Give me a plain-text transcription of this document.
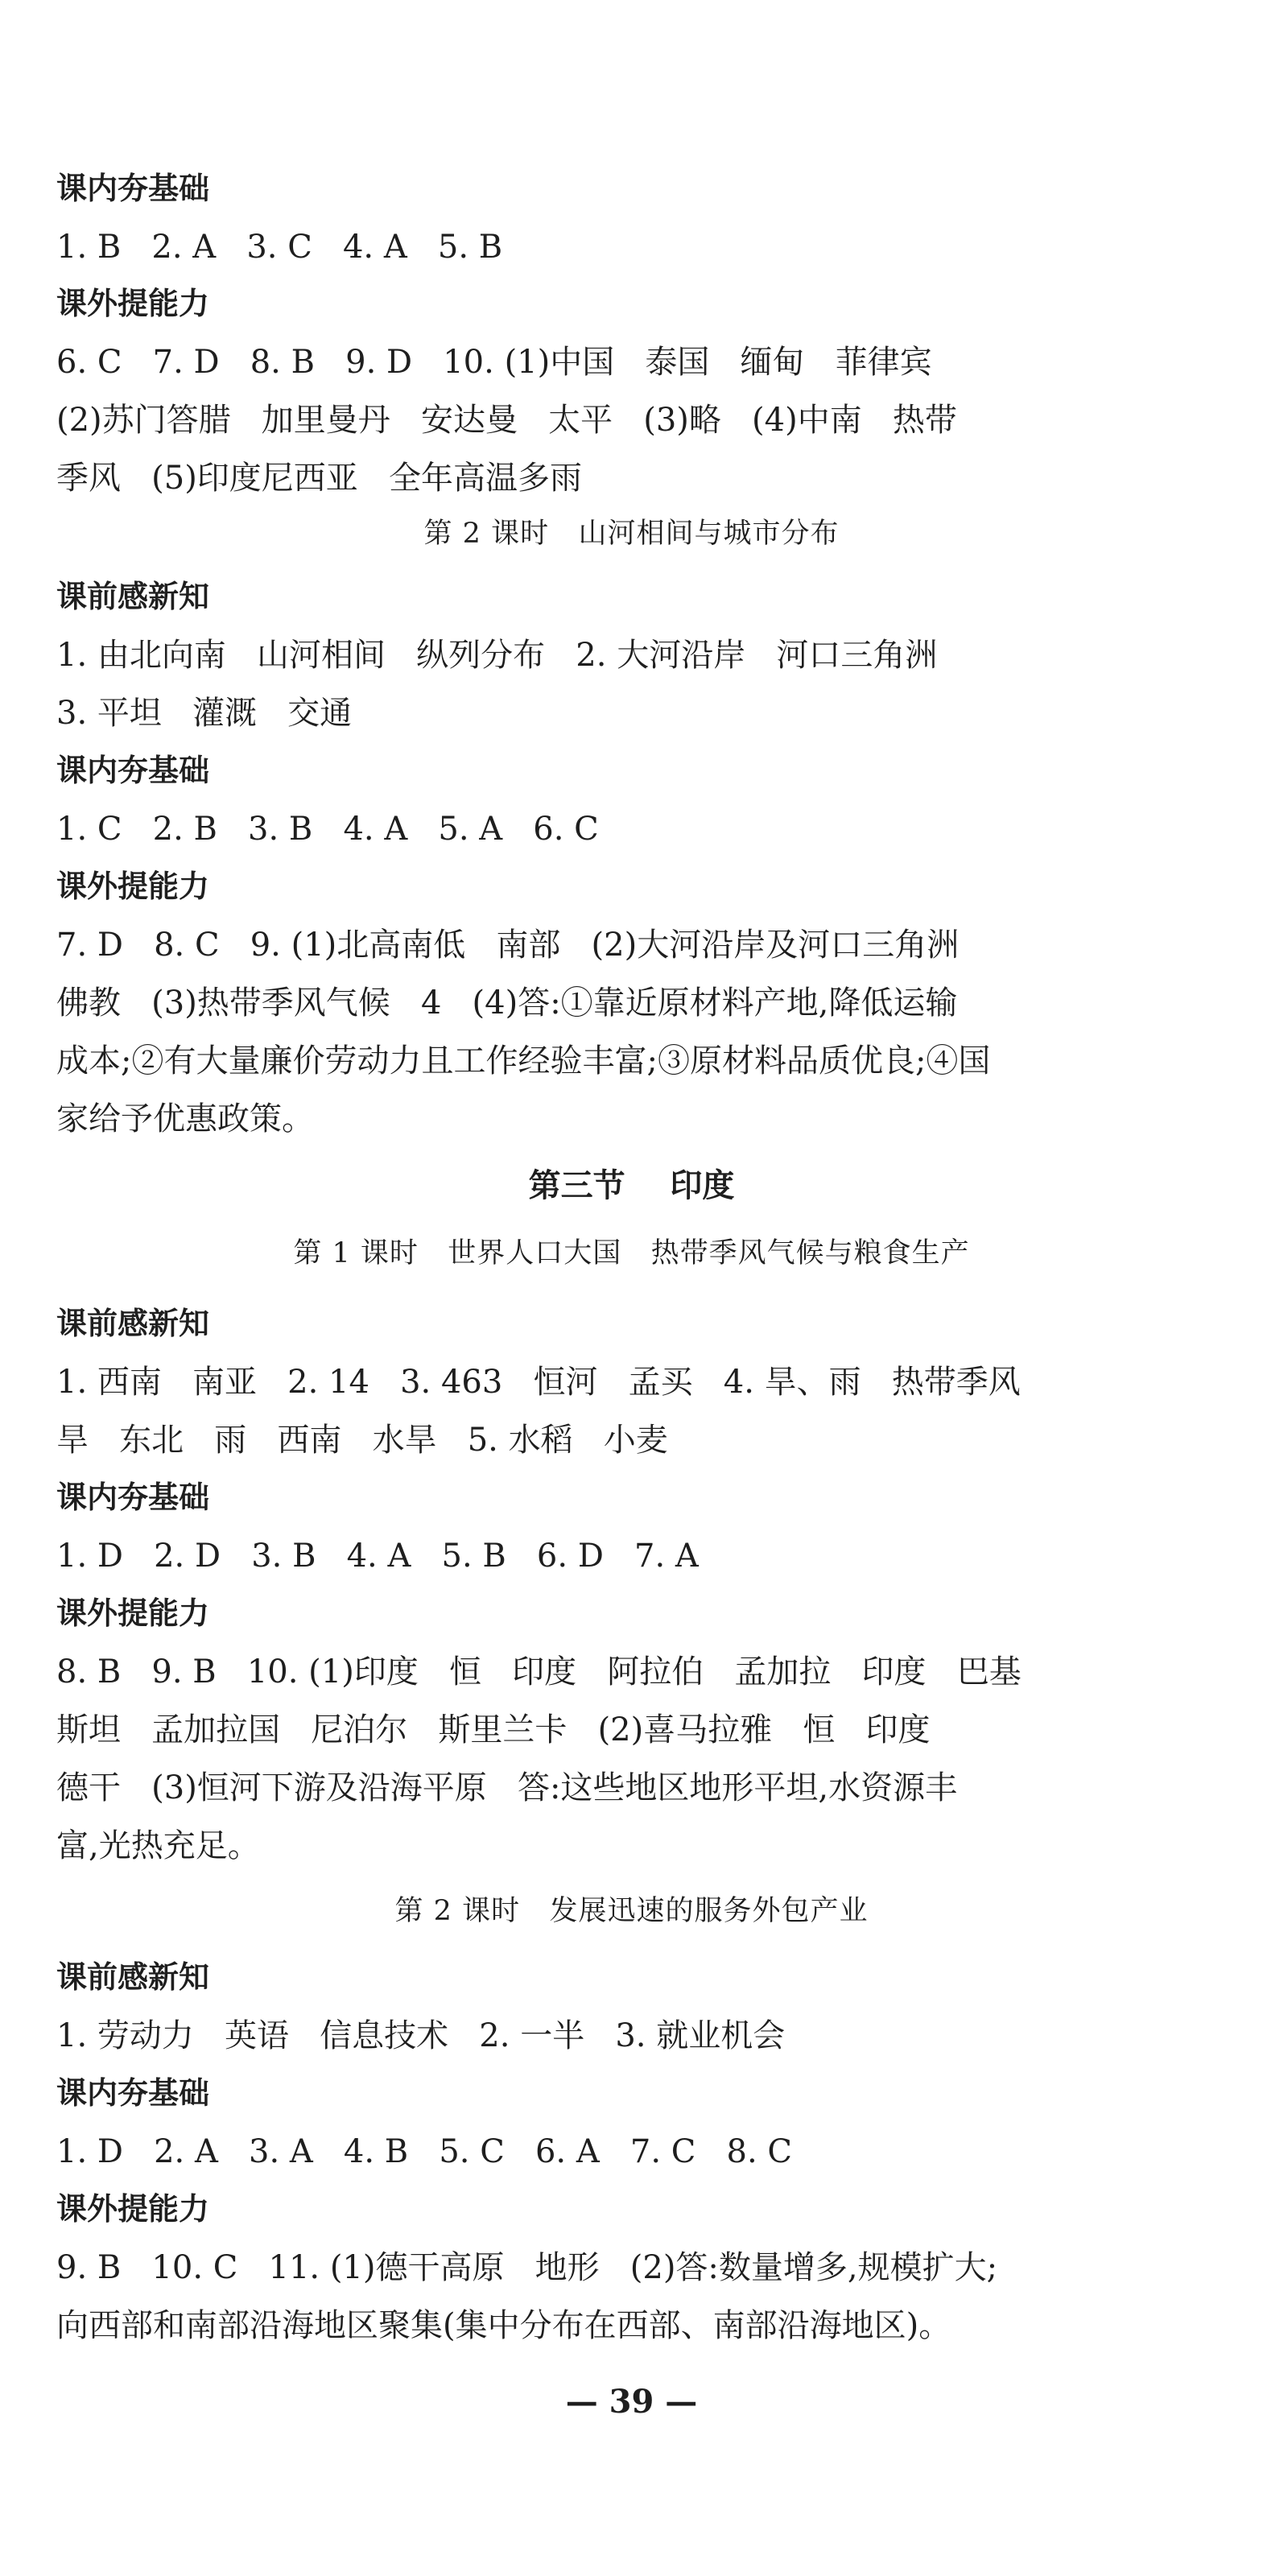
课内夯基础
1. B   2. A   3. C   4. A   5. B
课外提能力
6. C   7. D   8. B   9. D   10. (1)中国   泰国   缅甸   菲律宾
(2)苏门答腊   加里曼丹   安达曼   太平   (3)略   (4)中南   热带
季风   (5)印度尼西亚   全年高温多雨
第 2 课时   山河相间与城市分布
课前感新知
1. 由北向南   山河相间   纵列分布   2. 大河沿岸   河口三角洲
3. 平坦   灌溉   交通
课内夯基础
1. C   2. B   3. B   4. A   5. A   6. C
课外提能力
7. D   8. C   9. (1)北高南低   南部   (2)大河沿岸及河口三角洲
佛教   (3)热带季风气候   4   (4)答:①靠近原材料产地,降低运输
成本;②有大量廉价劳动力且工作经验丰富;③原材料品质优良;④国
家给予优惠政策。
第三节    印度
第 1 课时   世界人口大国   热带季风气候与粮食生产
课前感新知
1. 西南   南亚   2. 14   3. 463   恒河   孟买   4. 旱、雨   热带季风
旱   东北   雨   西南   水旱   5. 水稻   小麦
课内夯基础
1. D   2. D   3. B   4. A   5. B   6. D   7. A
课外提能力
8. B   9. B   10. (1)印度   恒   印度   阿拉伯   孟加拉   印度   巴基
斯坦   孟加拉国   尼泊尔   斯里兰卡   (2)喜马拉雅   恒   印度
德干   (3)恒河下游及沿海平原   答:这些地区地形平坦,水资源丰
富,光热充足。
第 2 课时   发展迅速的服务外包产业
课前感新知
1. 劳动力   英语   信息技术   2. 一半   3. 就业机会
课内夯基础
1. D   2. A   3. A   4. B   5. C   6. A   7. C   8. C
课外提能力
9. B   10. C   11. (1)德干高原   地形   (2)答:数量增多,规模扩大;
向西部和南部沿海地区聚集(集中分布在西部、南部沿海地区)。
— 39 —
